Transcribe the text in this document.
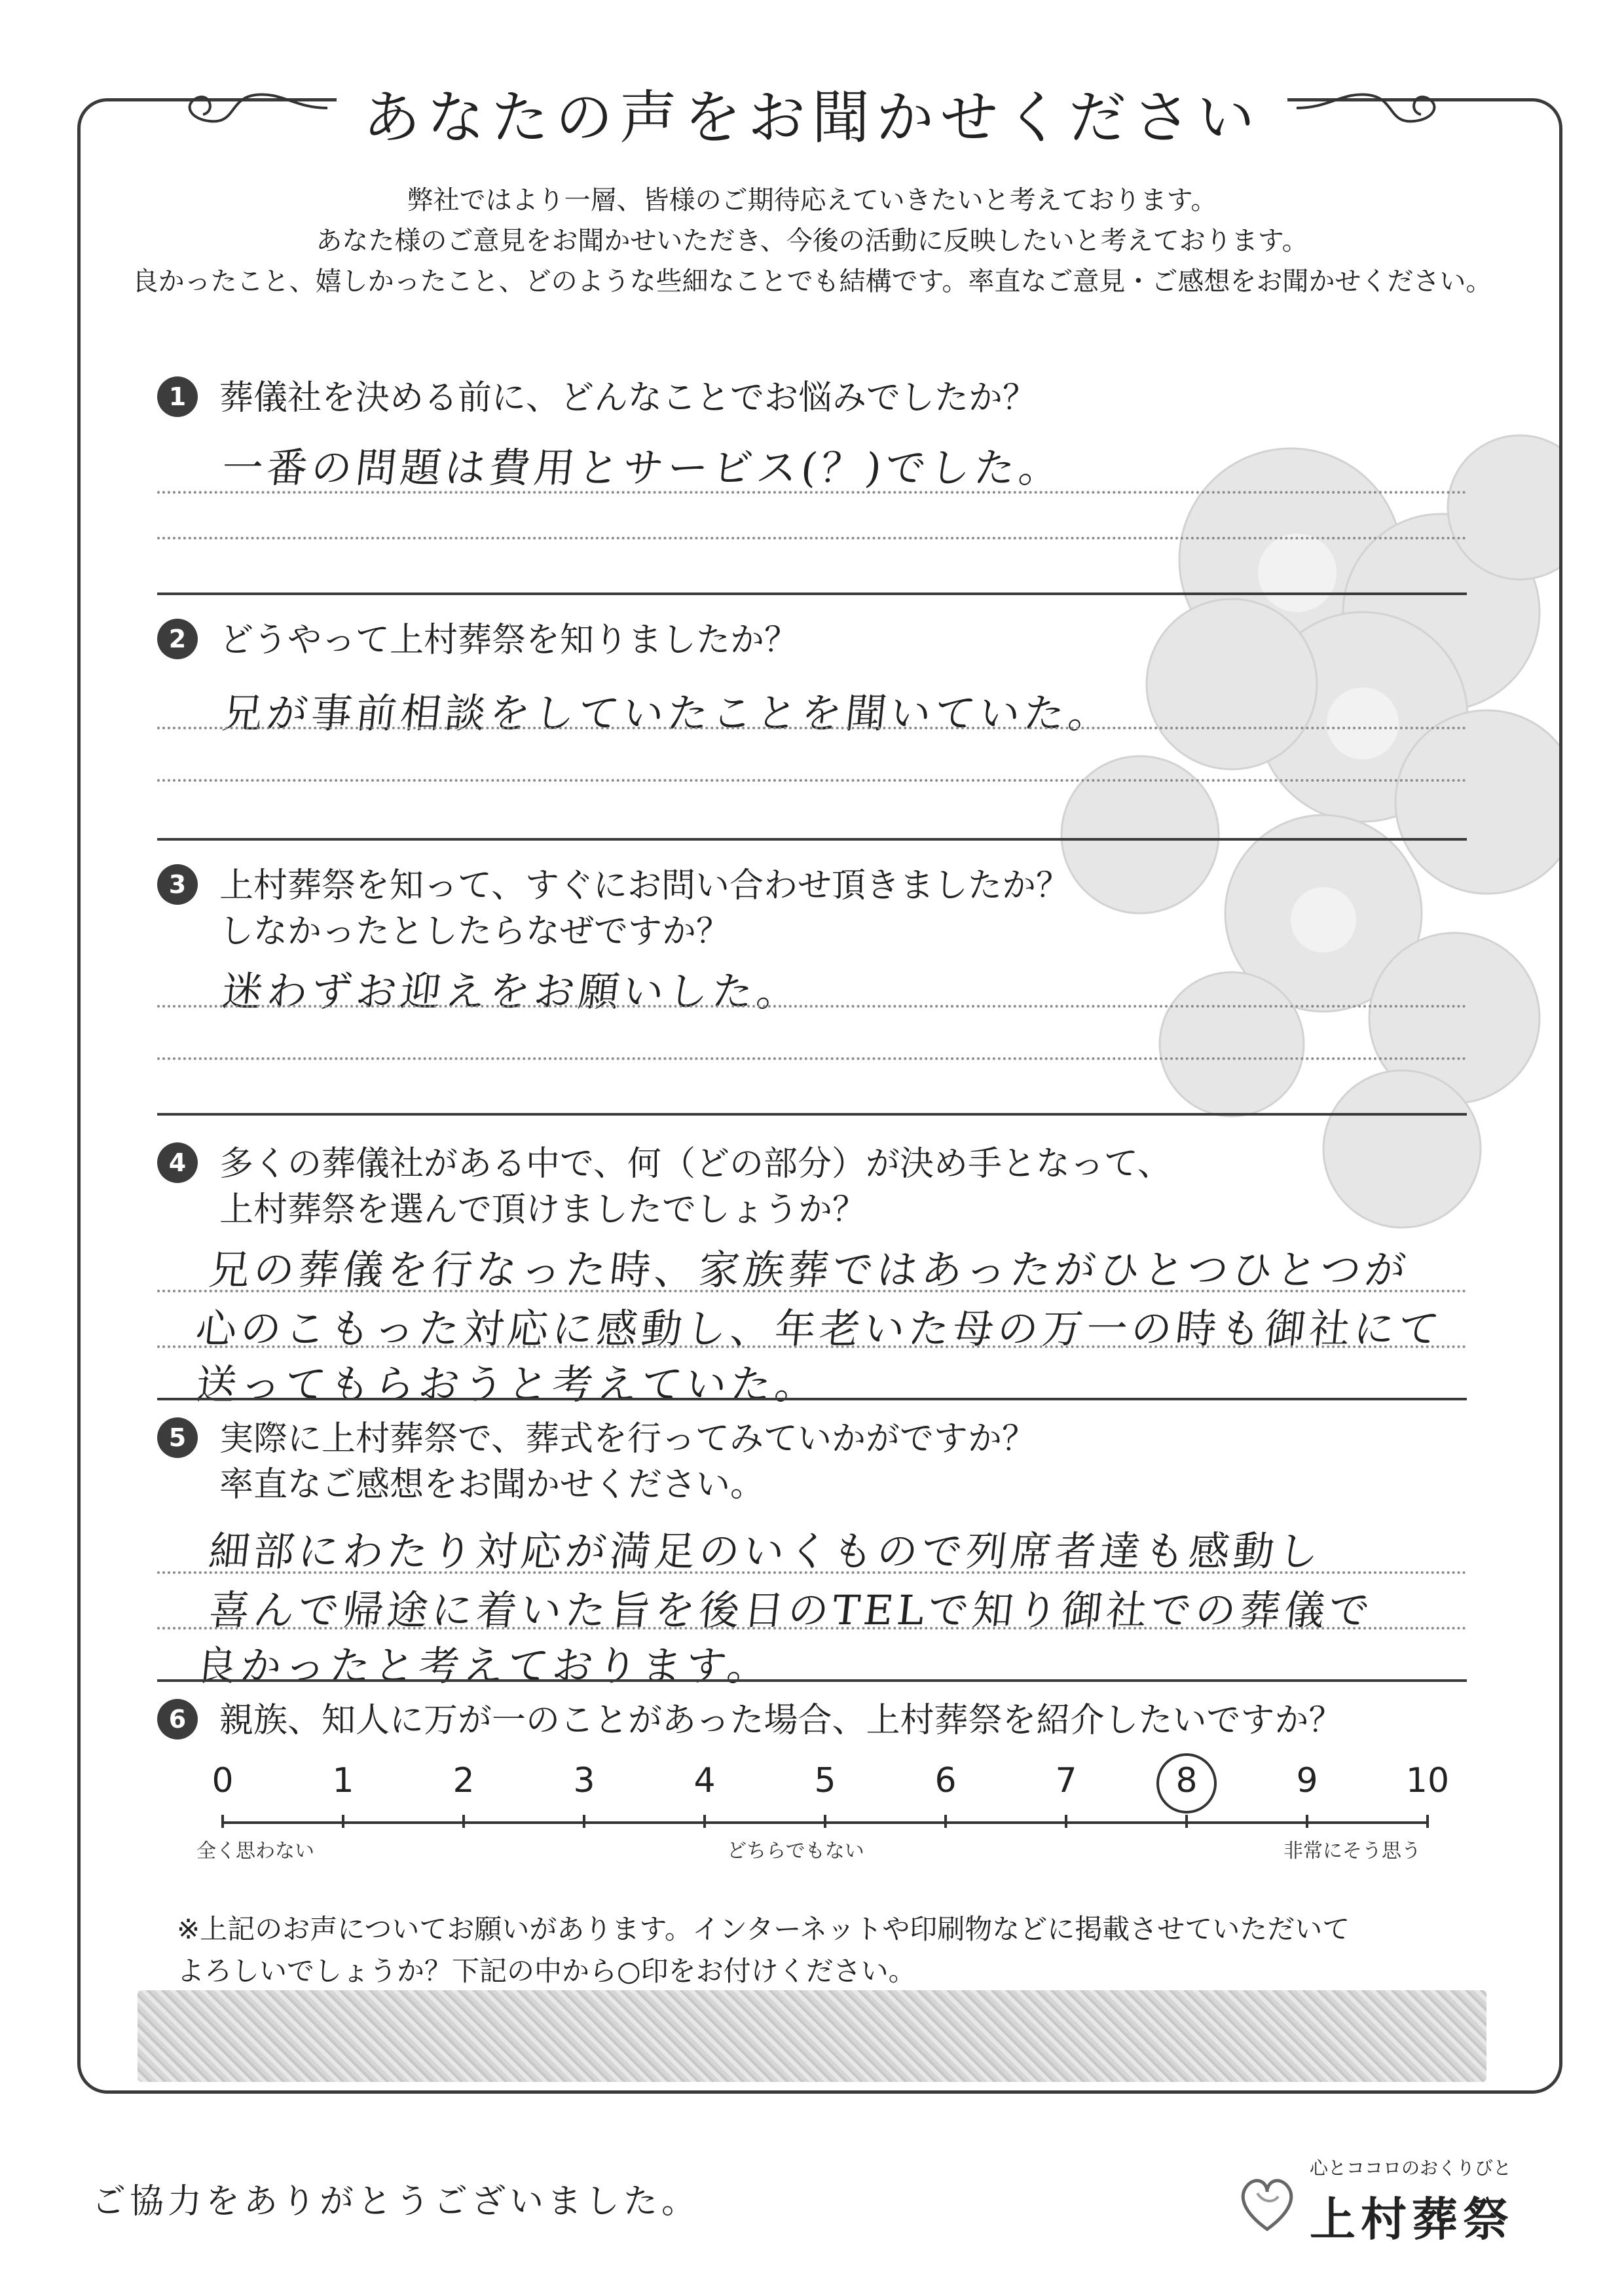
あなたの声をお聞かせください
弊社ではより一層、皆様のご期待応えていきたいと考えております。
あなた様のご意見をお聞かせいただき、今後の活動に反映したいと考えております。
良かったこと、嬉しかったこと、どのような些細なことでも結構です。率直なご意見・ご感想をお聞かせください。
1 葬儀社を決める前に、どんなことでお悩みでしたか？
一番の問題は費用とサービス(？)でした。
2 どうやって上村葬祭を知りましたか？
兄が事前相談をしていたことを聞いていた。
3 上村葬祭を知って、すぐにお問い合わせ頂きましたか？
しなかったとしたらなぜですか？
迷わずお迎えをお願いした。
4 多くの葬儀社がある中で、何（どの部分）が決め手となって、
上村葬祭を選んで頂けましたでしょうか？
兄の葬儀を行なった時、家族葬ではあったがひとつひとつが
心のこもった対応に感動し、年老いた母の万一の時も御社にて
送ってもらおうと考えていた。
5 実際に上村葬祭で、葬式を行ってみていかがですか？
率直なご感想をお聞かせください。
細部にわたり対応が満足のいくもので列席者達も感動し
喜んで帰途に着いた旨を後日のTELで知り御社での葬儀で
良かったと考えております。
6 親族、知人に万が一のことがあった場合、上村葬祭を紹介したいですか？
0	1	2	3	4	5	6	7	8	9	10
全く思わない	どちらでもない	非常にそう思う
※上記のお声についてお願いがあります。インターネットや印刷物などに掲載させていただいて
よろしいでしょうか？下記の中から○印をお付けください。
ご協力をありがとうございました。
心とココロのおくりびと
上村葬祭
